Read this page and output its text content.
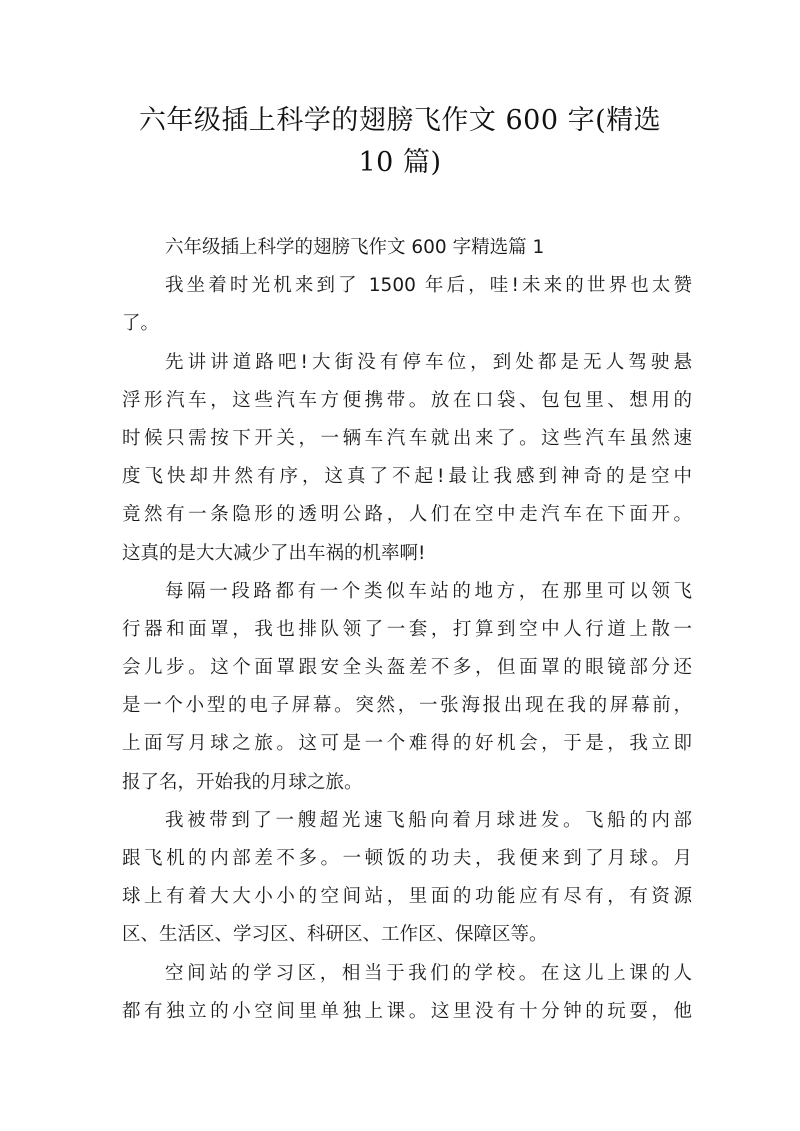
六年级插上科学的翅膀飞作文 600 字(精选
10 篇)
六年级插上科学的翅膀飞作文 600 字精选篇 1
我坐着时光机来到了 1500 年后，哇!未来的世界也太赞
了。
先讲讲道路吧!大街没有停车位，到处都是无人驾驶悬
浮形汽车，这些汽车方便携带。放在口袋、包包里、想用的
时候只需按下开关，一辆车汽车就出来了。这些汽车虽然速
度飞快却井然有序，这真了不起!最让我感到神奇的是空中
竟然有一条隐形的透明公路，人们在空中走汽车在下面开。
这真的是大大减少了出车祸的机率啊!
每隔一段路都有一个类似车站的地方，在那里可以领飞
行器和面罩，我也排队领了一套，打算到空中人行道上散一
会儿步。这个面罩跟安全头盔差不多，但面罩的眼镜部分还
是一个小型的电子屏幕。突然，一张海报出现在我的屏幕前，
上面写月球之旅。这可是一个难得的好机会，于是，我立即
报了名，开始我的月球之旅。
我被带到了一艘超光速飞船向着月球进发。飞船的内部
跟飞机的内部差不多。一顿饭的功夫，我便来到了月球。月
球上有着大大小小的空间站，里面的功能应有尽有，有资源
区、生活区、学习区、科研区、工作区、保障区等。
空间站的学习区，相当于我们的学校。在这儿上课的人
都有独立的小空间里单独上课。这里没有十分钟的玩耍，他
